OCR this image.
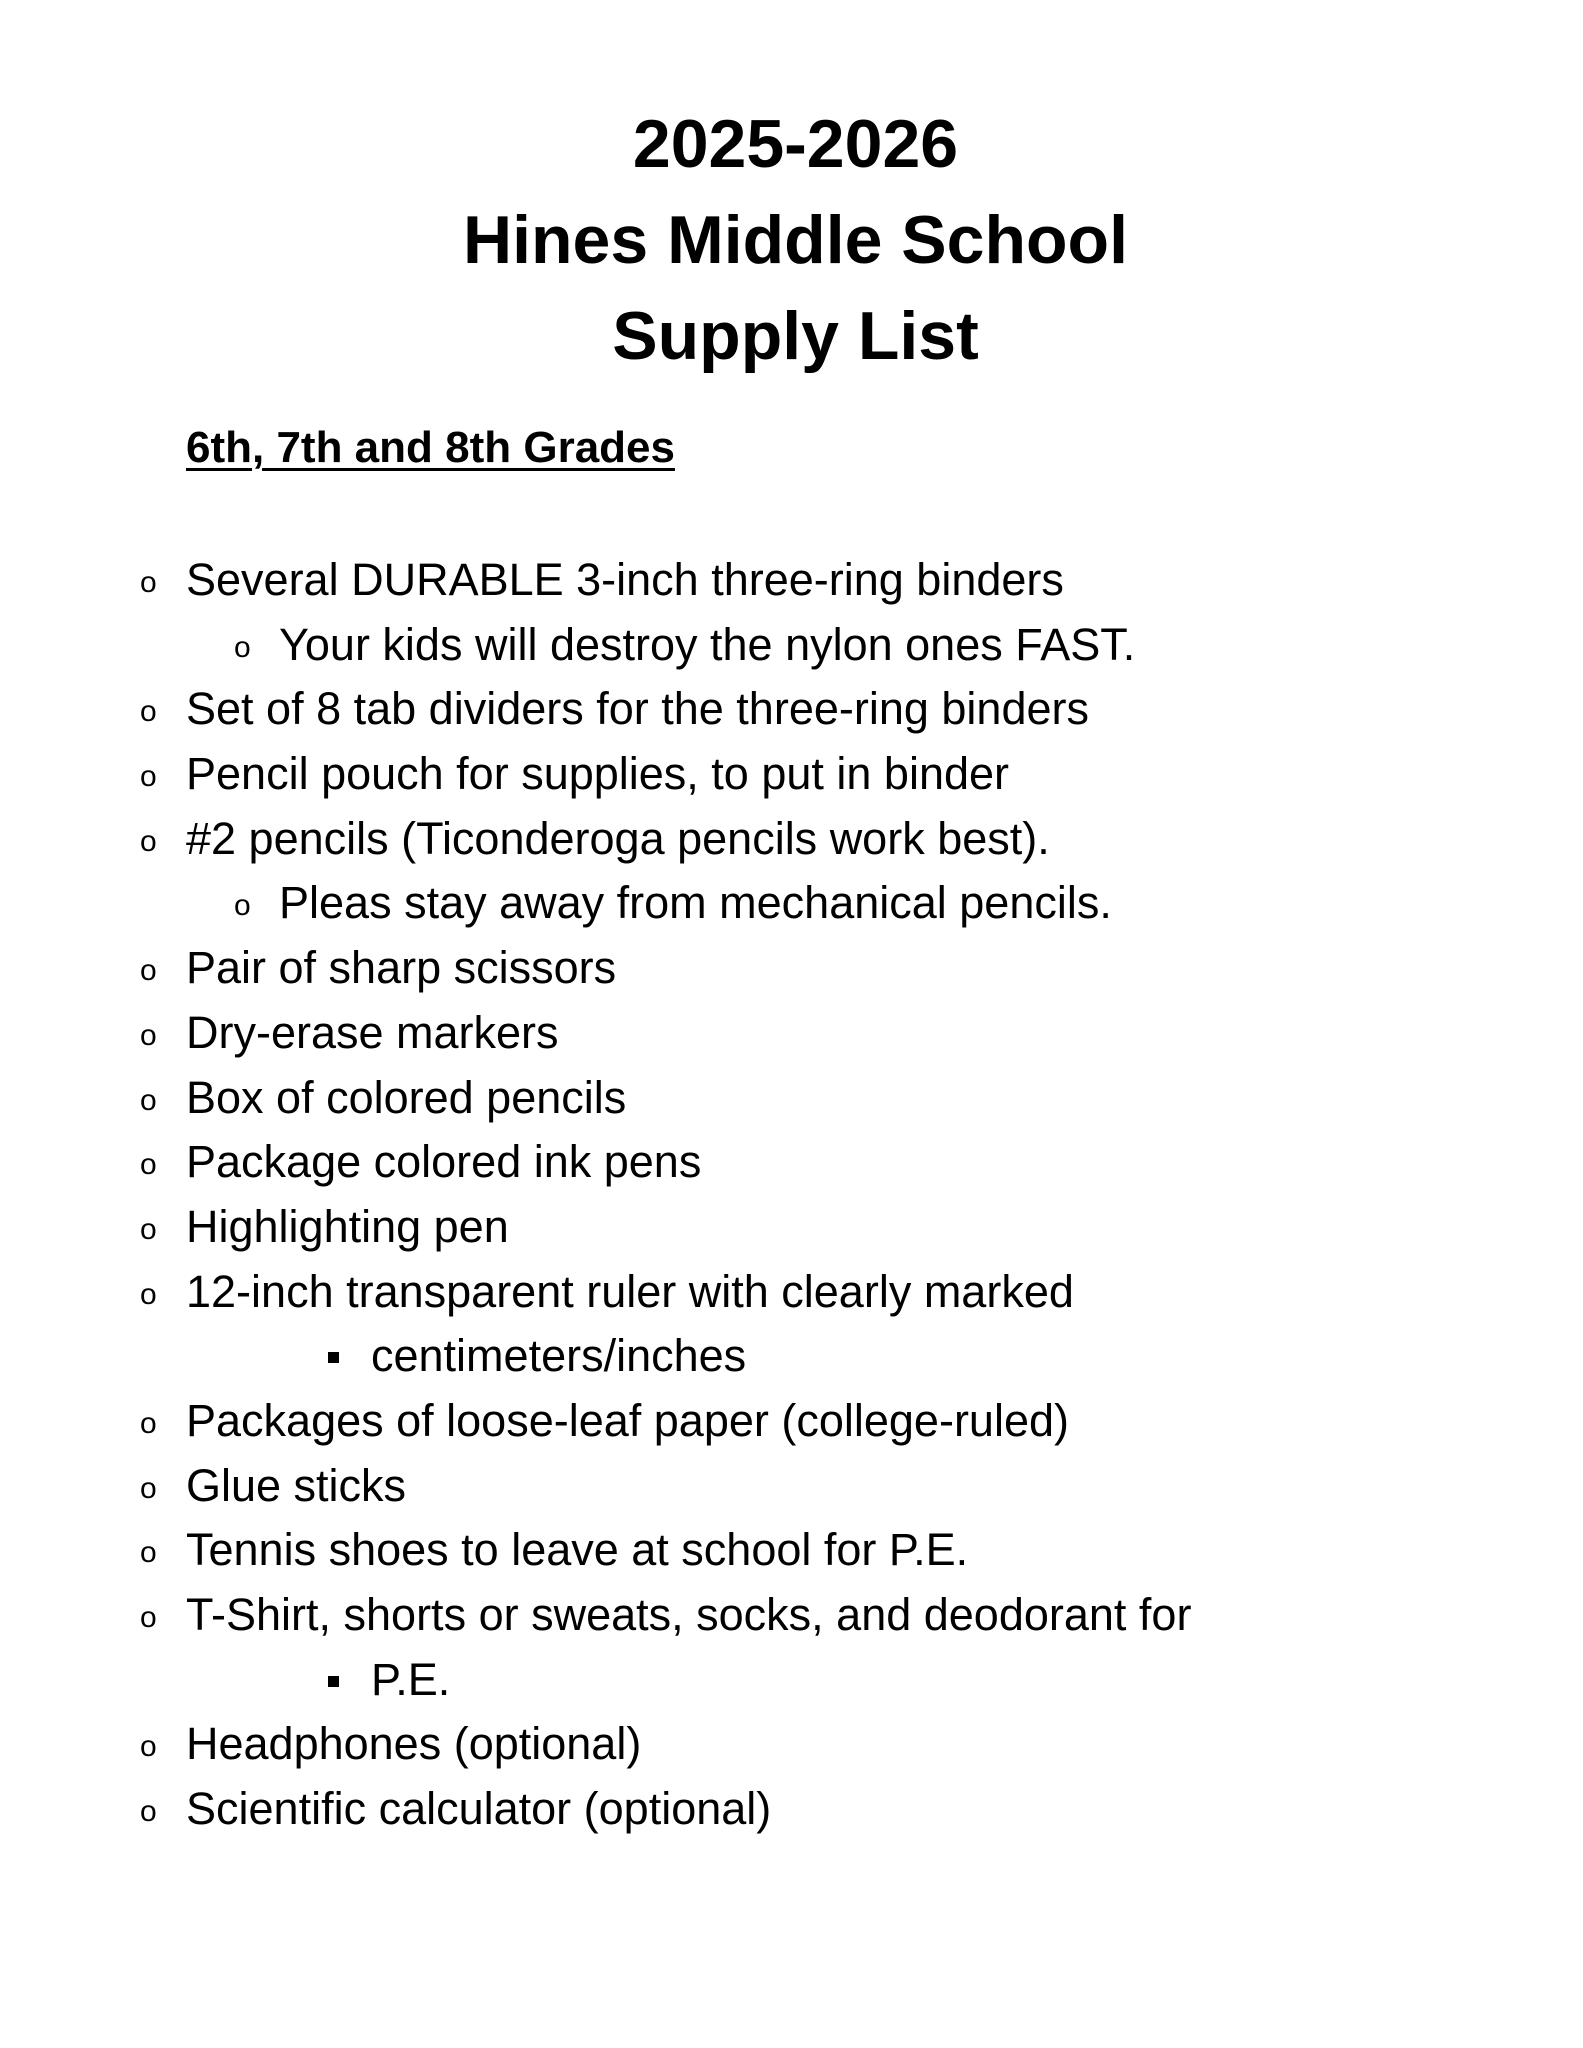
2025-2026
Hines Middle School
Supply List
6th, 7th and 8th Grades
o Several DURABLE 3-inch three-ring binders
o Your kids will destroy the nylon ones FAST.
o Set of 8 tab dividers for the three-ring binders
o Pencil pouch for supplies, to put in binder
o #2 pencils (Ticonderoga pencils work best).
o Pleas stay away from mechanical pencils.
o Pair of sharp scissors
o Dry-erase markers
o Box of colored pencils
o Package colored ink pens
o Highlighting pen
o 12-inch transparent ruler with clearly marked
centimeters/inches
o Packages of loose-leaf paper (college-ruled)
o Glue sticks
o Tennis shoes to leave at school for P.E.
o T-Shirt, shorts or sweats, socks, and deodorant for
P.E.
o Headphones (optional)
o Scientific calculator (optional)
